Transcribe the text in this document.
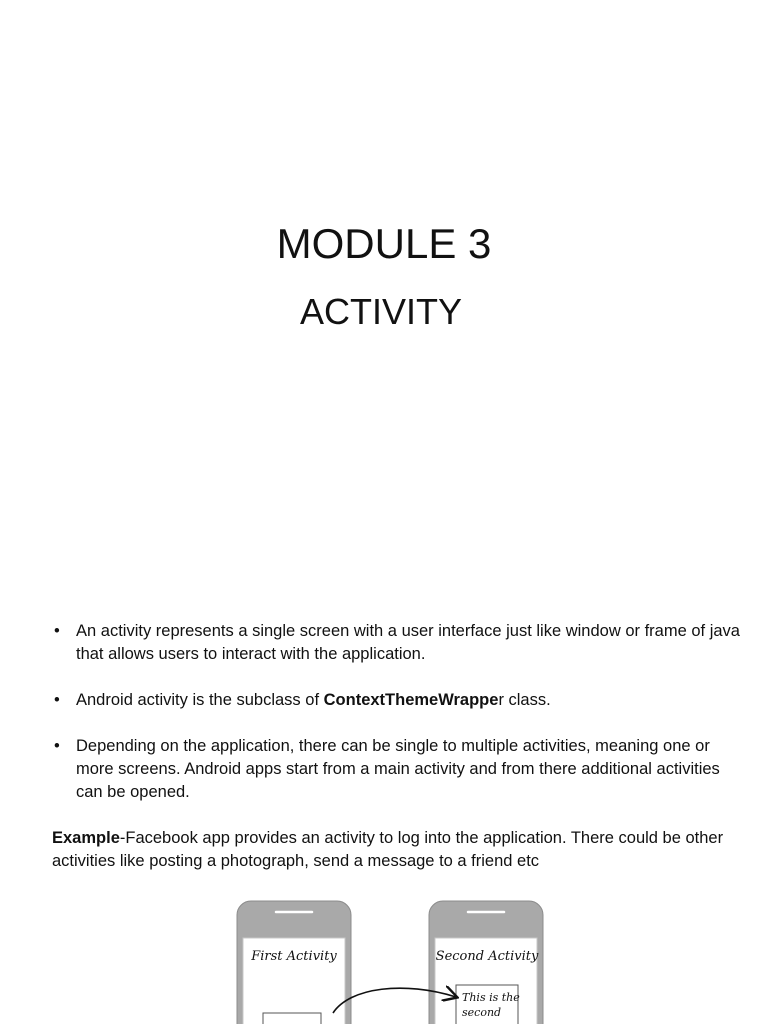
MODULE 3
ACTIVITY
• An activity represents a single screen with a user interface just like window or frame of java that allows users to interact with the application.
• Android activity is the subclass of ContextThemeWrapper class.
• Depending on the application, there can be single to multiple activities, meaning one or more screens. Android apps start from a main activity and from there additional activities can be opened.

Example-Facebook app provides an activity to log into the application. There could be other activities like posting a photograph, send a message to a friend etc

First Activity	Second Activity
This is the
second
